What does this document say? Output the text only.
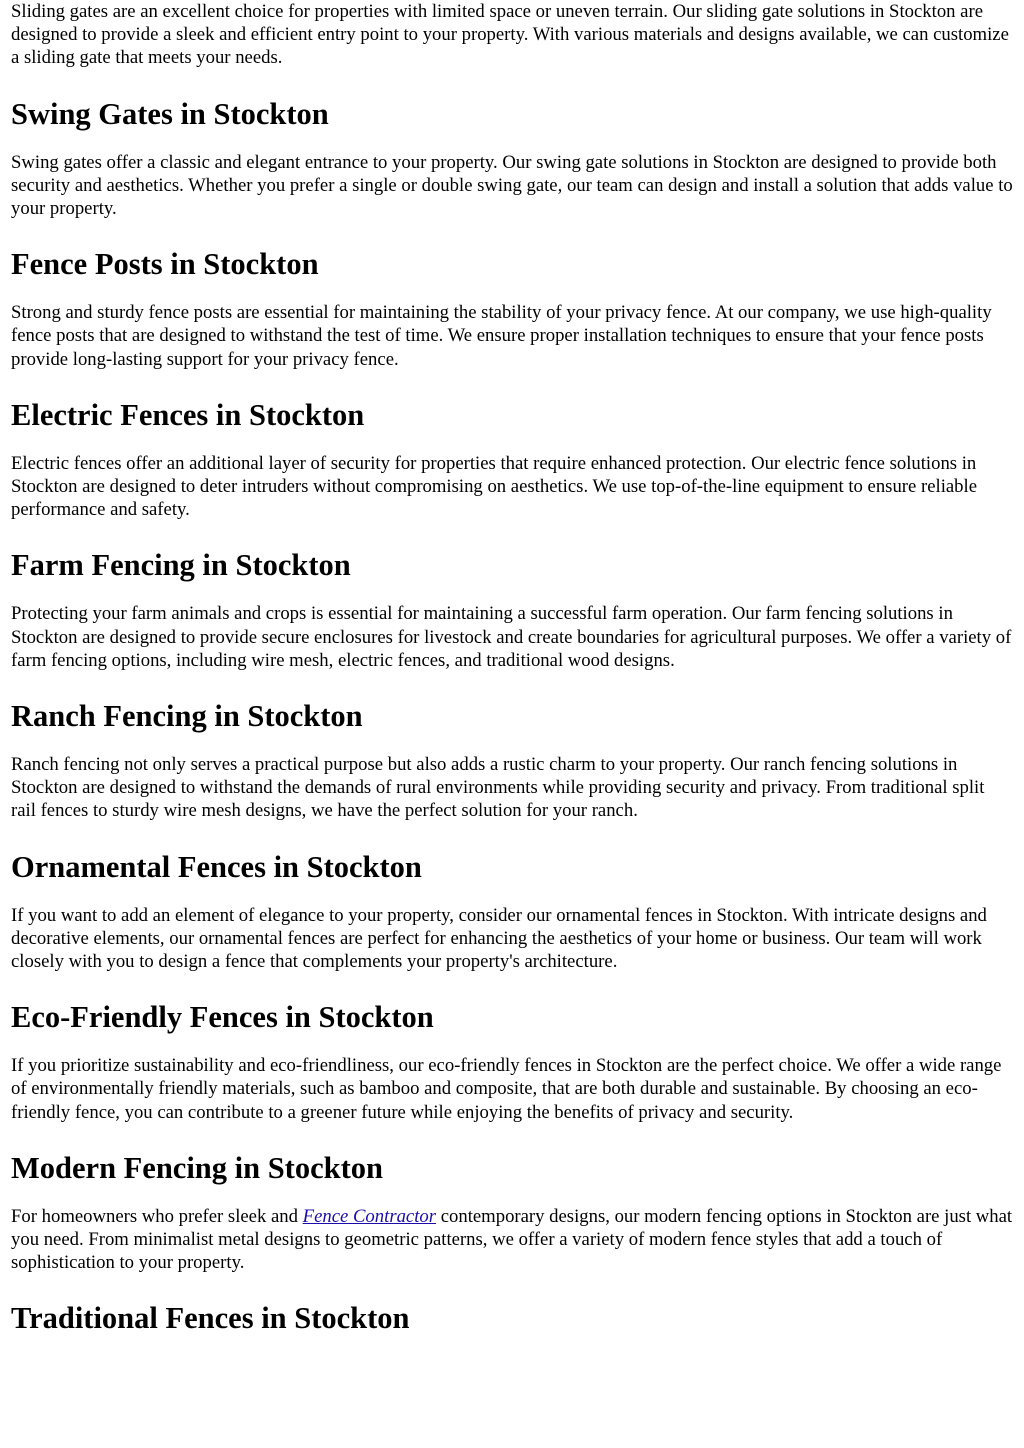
Sliding gates are an excellent choice for properties with limited space or uneven terrain. Our sliding gate solutions in Stockton are designed to provide a sleek and efficient entry point to your property. With various materials and designs available, we can customize a sliding gate that meets your needs.

Swing Gates in Stockton

Swing gates offer a classic and elegant entrance to your property. Our swing gate solutions in Stockton are designed to provide both security and aesthetics. Whether you prefer a single or double swing gate, our team can design and install a solution that adds value to your property.

Fence Posts in Stockton

Strong and sturdy fence posts are essential for maintaining the stability of your privacy fence. At our company, we use high-quality fence posts that are designed to withstand the test of time. We ensure proper installation techniques to ensure that your fence posts provide long-lasting support for your privacy fence.

Electric Fences in Stockton

Electric fences offer an additional layer of security for properties that require enhanced protection. Our electric fence solutions in Stockton are designed to deter intruders without compromising on aesthetics. We use top-of-the-line equipment to ensure reliable performance and safety.

Farm Fencing in Stockton

Protecting your farm animals and crops is essential for maintaining a successful farm operation. Our farm fencing solutions in Stockton are designed to provide secure enclosures for livestock and create boundaries for agricultural purposes. We offer a variety of farm fencing options, including wire mesh, electric fences, and traditional wood designs.

Ranch Fencing in Stockton

Ranch fencing not only serves a practical purpose but also adds a rustic charm to your property. Our ranch fencing solutions in Stockton are designed to withstand the demands of rural environments while providing security and privacy. From traditional split rail fences to sturdy wire mesh designs, we have the perfect solution for your ranch.

Ornamental Fences in Stockton

If you want to add an element of elegance to your property, consider our ornamental fences in Stockton. With intricate designs and decorative elements, our ornamental fences are perfect for enhancing the aesthetics of your home or business. Our team will work closely with you to design a fence that complements your property's architecture.

Eco-Friendly Fences in Stockton

If you prioritize sustainability and eco-friendliness, our eco-friendly fences in Stockton are the perfect choice. We offer a wide range of environmentally friendly materials, such as bamboo and composite, that are both durable and sustainable. By choosing an eco-friendly fence, you can contribute to a greener future while enjoying the benefits of privacy and security.

Modern Fencing in Stockton

For homeowners who prefer sleek and Fence Contractor contemporary designs, our modern fencing options in Stockton are just what you need. From minimalist metal designs to geometric patterns, we offer a variety of modern fence styles that add a touch of sophistication to your property.

Traditional Fences in Stockton
